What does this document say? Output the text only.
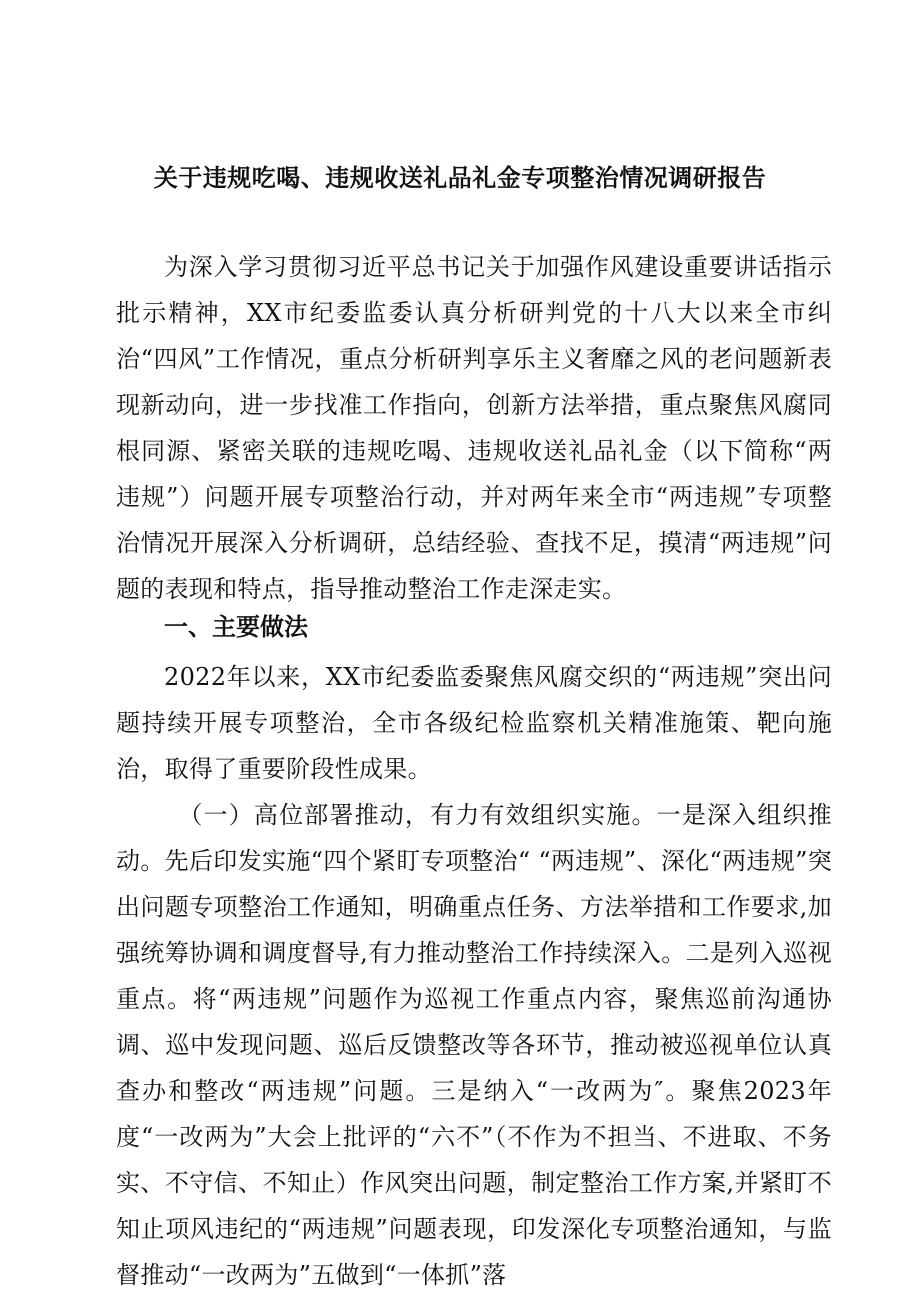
关于违规吃喝、违规收送礼品礼金专项整治情况调研报告

为深入学习贯彻习近平总书记关于加强作风建设重要讲话指示批示精神，XX市纪委监委认真分析研判党的十八大以来全市纠治“四风”工作情况，重点分析研判享乐主义奢靡之风的老问题新表现新动向，进一步找准工作指向，创新方法举措，重点聚焦风腐同根同源、紧密关联的违规吃喝、违规收送礼品礼金（以下简称“两违规”）问题开展专项整治行动，并对两年来全市“两违规”专项整治情况开展深入分析调研，总结经验、查找不足，摸清“两违规”问题的表现和特点，指导推动整治工作走深走实。

一、主要做法

2022年以来，XX市纪委监委聚焦风腐交织的“两违规”突出问题持续开展专项整治，全市各级纪检监察机关精准施策、靶向施治，取得了重要阶段性成果。

（一）高位部署推动，有力有效组织实施。一是深入组织推动。先后印发实施“四个紧盯专项整治“ “两违规”、深化“两违规”突出问题专项整治工作通知，明确重点任务、方法举措和工作要求,加强统筹协调和调度督导,有力推动整治工作持续深入。二是列入巡视重点。将“两违规”问题作为巡视工作重点内容，聚焦巡前沟通协调、巡中发现问题、巡后反馈整改等各环节，推动被巡视单位认真查办和整改“两违规”问题。三是纳入“一改两为″。聚焦2023年度“一改两为”大会上批评的“六不”（不作为不担当、不进取、不务实、不守信、不知止）作风突出问题，制定整治工作方案,并紧盯不知止项风违纪的“两违规”问题表现，印发深化专项整治通知，与监督推动“一改两为”五做到“一体抓”落
